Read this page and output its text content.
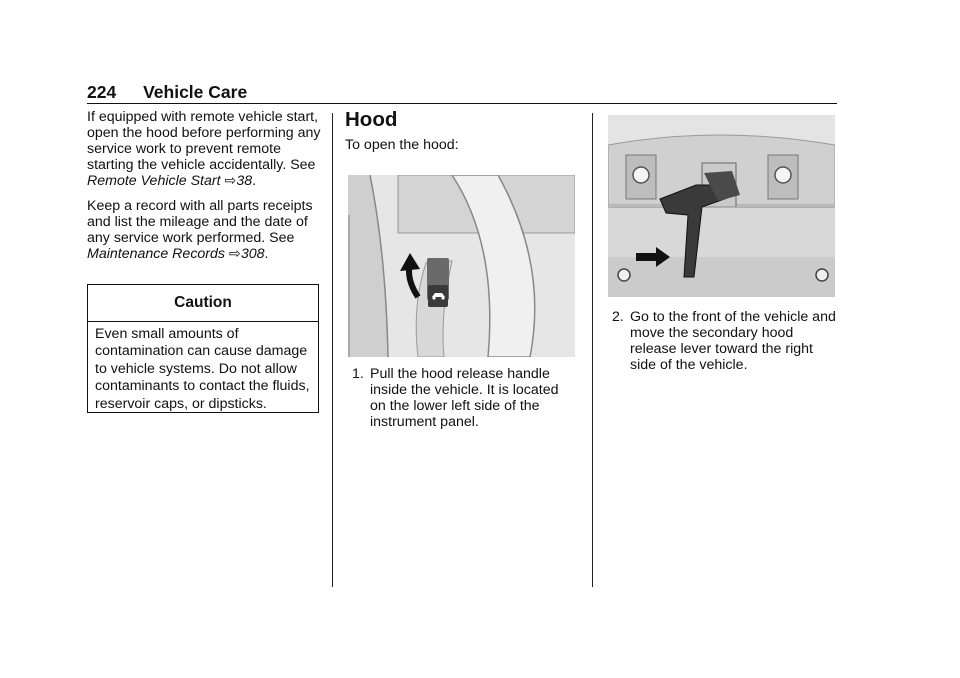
224 Vehicle Care

If equipped with remote vehicle start, open the hood before performing any service work to prevent remote starting the vehicle accidentally. See Remote Vehicle Start ⇨38.

Keep a record with all parts receipts and list the mileage and the date of any service work performed. See Maintenance Records ⇨308.

Caution
Even small amounts of contamination can cause damage to vehicle systems. Do not allow contaminants to contact the fluids, reservoir caps, or dipsticks.
Hood
To open the hood:
1. Pull the hood release handle inside the vehicle. It is located on the lower left side of the instrument panel.
2. Go to the front of the vehicle and move the secondary hood release lever toward the right side of the vehicle.
